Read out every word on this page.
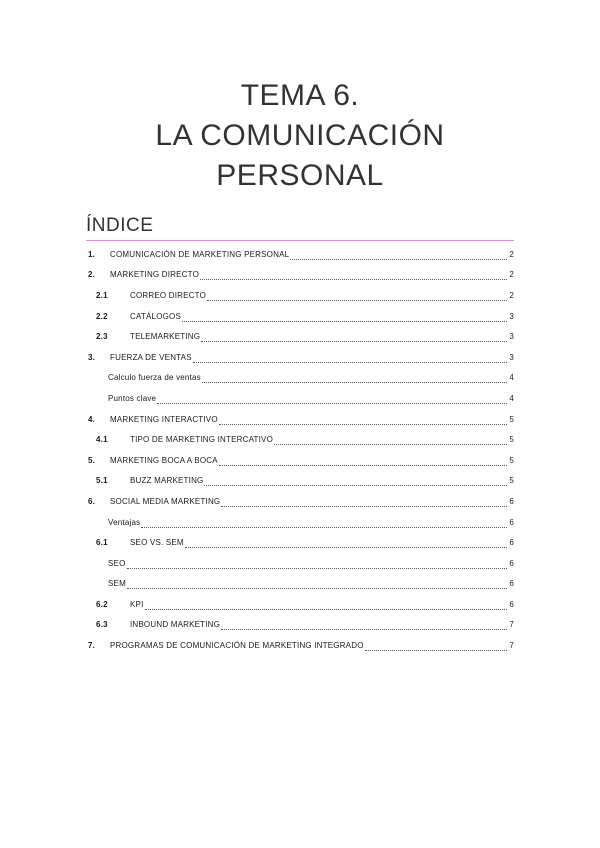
TEMA 6.
LA COMUNICACIÓN
PERSONAL
ÍNDICE
1.	COMUNICACIÓN DE MARKETING PERSONAL	2
2.	MARKETING DIRECTO	2
2.1	CORREO DIRECTO	2
2.2	CATÁLOGOS	3
2.3	TELEMARKETING	3
3.	FUERZA DE VENTAS	3
Calculo fuerza de ventas	4
Puntos clave	4
4.	MARKETING INTERACTIVO	5
4.1	TIPO DE MARKETING INTERCATIVO	5
5.	MARKETING BOCA A BOCA	5
5.1	BUZZ MARKETING	5
6.	SOCIAL MEDIA MARKETING	6
Ventajas	6
6.1	SEO VS. SEM	6
SEO	6
SEM	6
6.2	KPI	6
6.3	INBOUND MARKETING	7
7.	PROGRAMAS DE COMUNICACIÓN DE MARKETING INTEGRADO	7
